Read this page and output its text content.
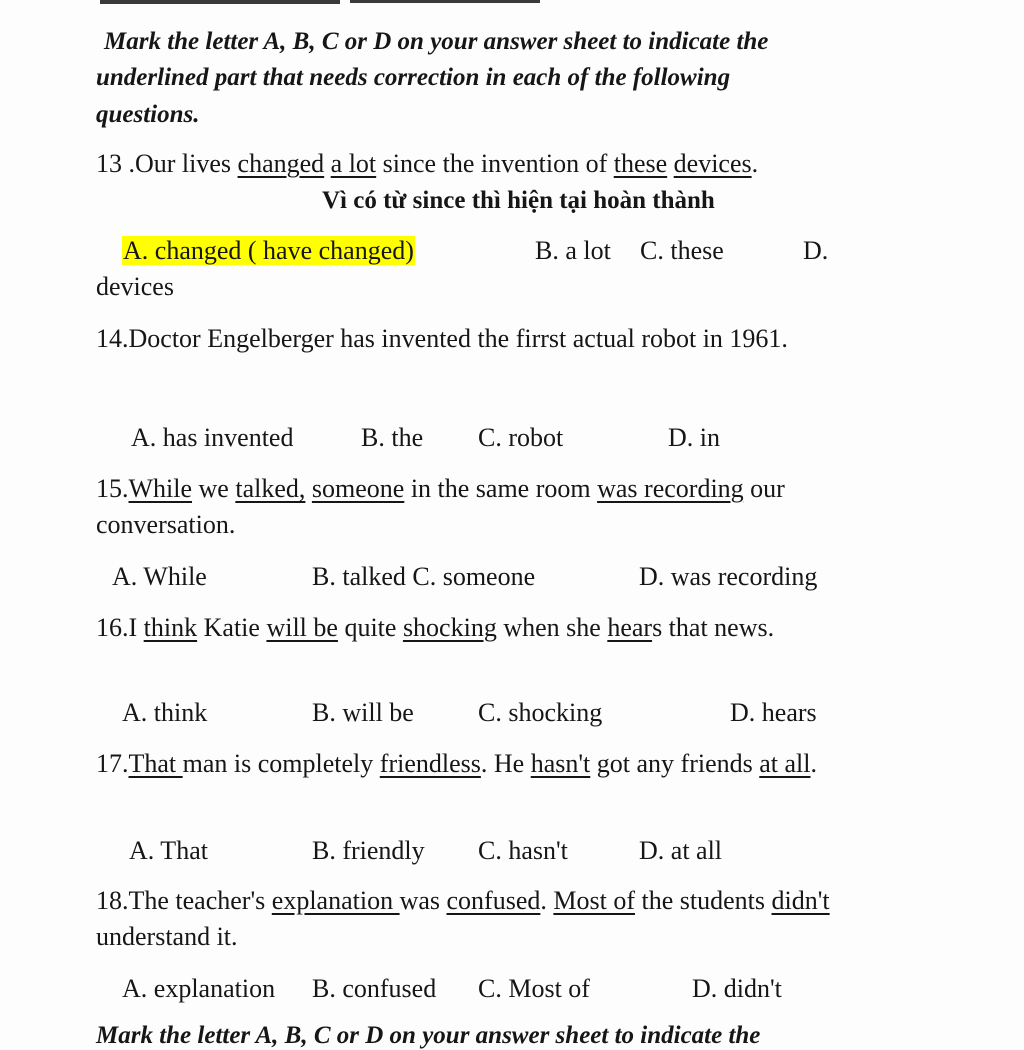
Mark the letter A, B, C or D on your answer sheet to indicate the
underlined part that needs correction in each of the following
questions.
13 .Our lives changed a lot since the invention of these devices.
Vì có từ since thì hiện tại hoàn thành
A. changed ( have changed)	B. a lot C. these	D.
devices
14.Doctor Engelberger has invented the firrst actual robot in 1961.
A. has invented	B. the C. robot	D. in
15.While we talked, someone in the same room was recording our
conversation.
A. While	B. talked C. someone	D. was recording
16.I think Katie will be quite shocking when she hears that news.
A. think	B. will be C. shocking	D. hears
17.That man is completely friendless. He hasn't got any friends at all.
A. That	B. friendly C. hasn't	D. at all
18.The teacher's explanation was confused. Most of the students didn't
understand it.
A. explanation B. confused C. Most of	D. didn't
Mark the letter A, B, C or D on your answer sheet to indicate the
